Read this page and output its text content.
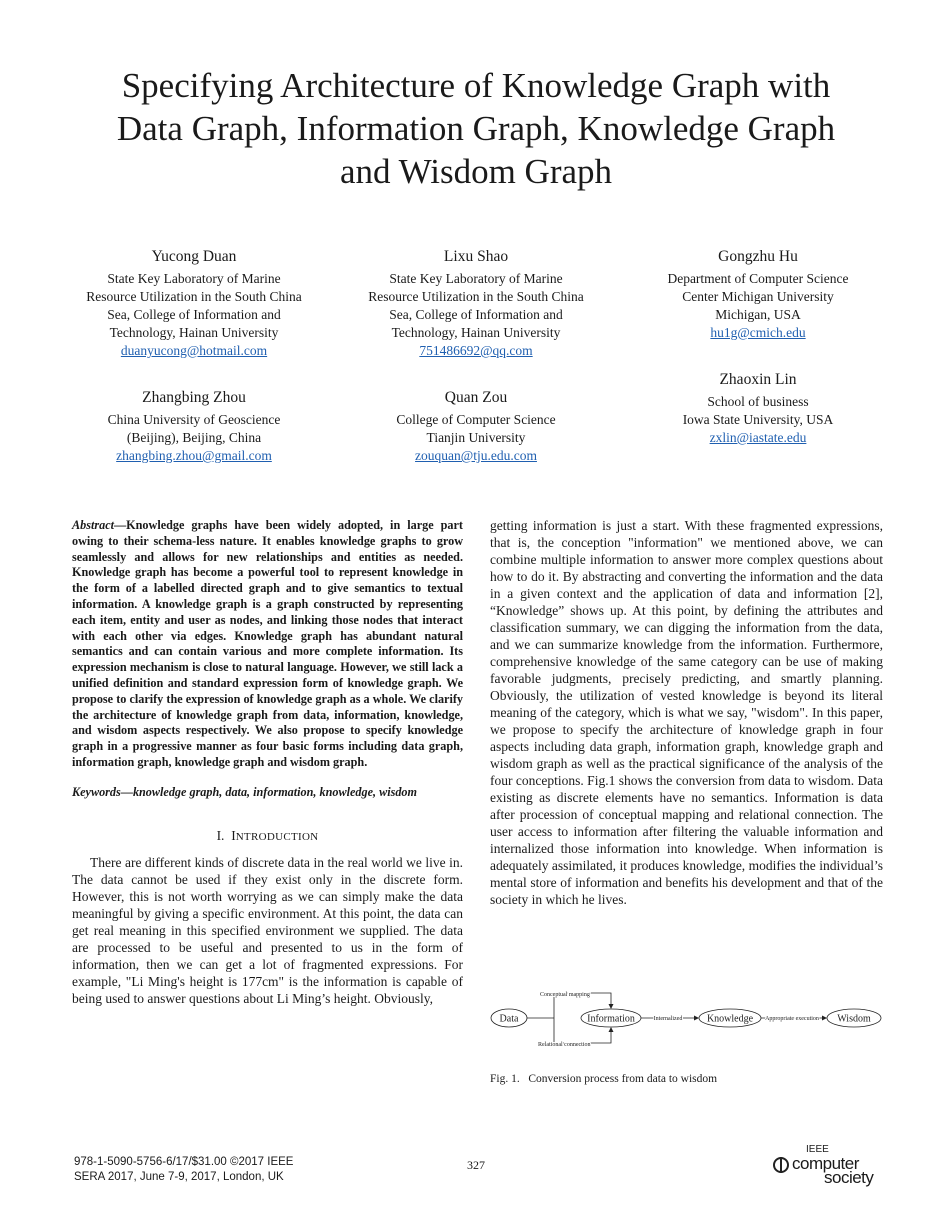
Specifying Architecture of Knowledge Graph with
Data Graph, Information Graph, Knowledge Graph
and Wisdom Graph
Yucong Duan
State Key Laboratory of Marine
Resource Utilization in the South China
Sea, College of Information and
Technology, Hainan University
duanyucong@hotmail.com
Lixu Shao
State Key Laboratory of Marine
Resource Utilization in the South China
Sea, College of Information and
Technology, Hainan University
751486692@qq.com
Gongzhu Hu
Department of Computer Science
Center Michigan University
Michigan, USA
hu1g@cmich.edu
Zhangbing Zhou
China University of Geoscience
(Beijing), Beijing, China
zhangbing.zhou@gmail.com
Quan Zou
College of Computer Science
Tianjin University
zouquan@tju.edu.com
Zhaoxin Lin
School of business
Iowa State University, USA
zxlin@iastate.edu
Abstract—Knowledge graphs have been widely adopted, in large part owing to their schema-less nature. It enables knowledge graphs to grow seamlessly and allows for new relationships and entities as needed. Knowledge graph has become a powerful tool to represent knowledge in the form of a labelled directed graph and to give semantics to textual information. A knowledge graph is a graph constructed by representing each item, entity and user as nodes, and linking those nodes that interact with each other via edges. Knowledge graph has abundant natural semantics and can contain various and more complete information. Its expression mechanism is close to natural language. However, we still lack a unified definition and standard expression form of knowledge graph. We propose to clarify the expression of knowledge graph as a whole. We clarify the architecture of knowledge graph from data, information, knowledge, and wisdom aspects respectively. We also propose to specify knowledge graph in a progressive manner as four basic forms including data graph, information graph, knowledge graph and wisdom graph.
Keywords—knowledge graph, data, information, knowledge, wisdom
I. INTRODUCTION

There are different kinds of discrete data in the real world we live in. The data cannot be used if they exist only in the discrete form. However, this is not worth worrying as we can simply make the data meaningful by giving a specific environment. At this point, the data can get real meaning in this specified environment we supplied. The data are processed to be useful and presented to us in the form of information, then we can get a lot of fragmented expressions. For example, "Li Ming's height is 177cm" is the information is capable of being used to answer questions about Li Ming’s height. Obviously,

getting information is just a start. With these fragmented expressions, that is, the conception "information" we mentioned above, we can combine multiple information to answer more complex questions about how to do it. By abstracting and converting the information and the data in a given context and the application of data and information [2], “Knowledge” shows up. At this point, by defining the attributes and classification summary, we can digging the information from the data, and we can summarize knowledge from the information. Furthermore, comprehensive knowledge of the same category can be use of making favorable judgments, precisely predicting, and smartly planning. Obviously, the utilization of vested knowledge is beyond its literal meaning of the category, which is what we say, "wisdom". In this paper, we propose to specify the architecture of knowledge graph in four aspects including data graph, information graph, knowledge graph and wisdom graph as well as the practical significance of the analysis of the four conceptions. Fig.1 shows the conversion from data to wisdom. Data existing as discrete elements have no semantics. Information is data after procession of conceptual mapping and relational connection. The user access to information after filtering the valuable information and internalized those information into knowledge. When information is adequately assimilated, it produces knowledge, modifies the individual’s mental store of information and benefits his development and that of the society in which he lives.

Data	Information	Knowledge	Wisdom
Conceptual mapping
Relational connection
Internalized	Appropriate execution
Fig. 1.   Conversion process from data to wisdom
978-1-5090-5756-6/17/$31.00 ©2017 IEEE
SERA 2017, June 7-9, 2017, London, UK
327
IEEE
computer
society
